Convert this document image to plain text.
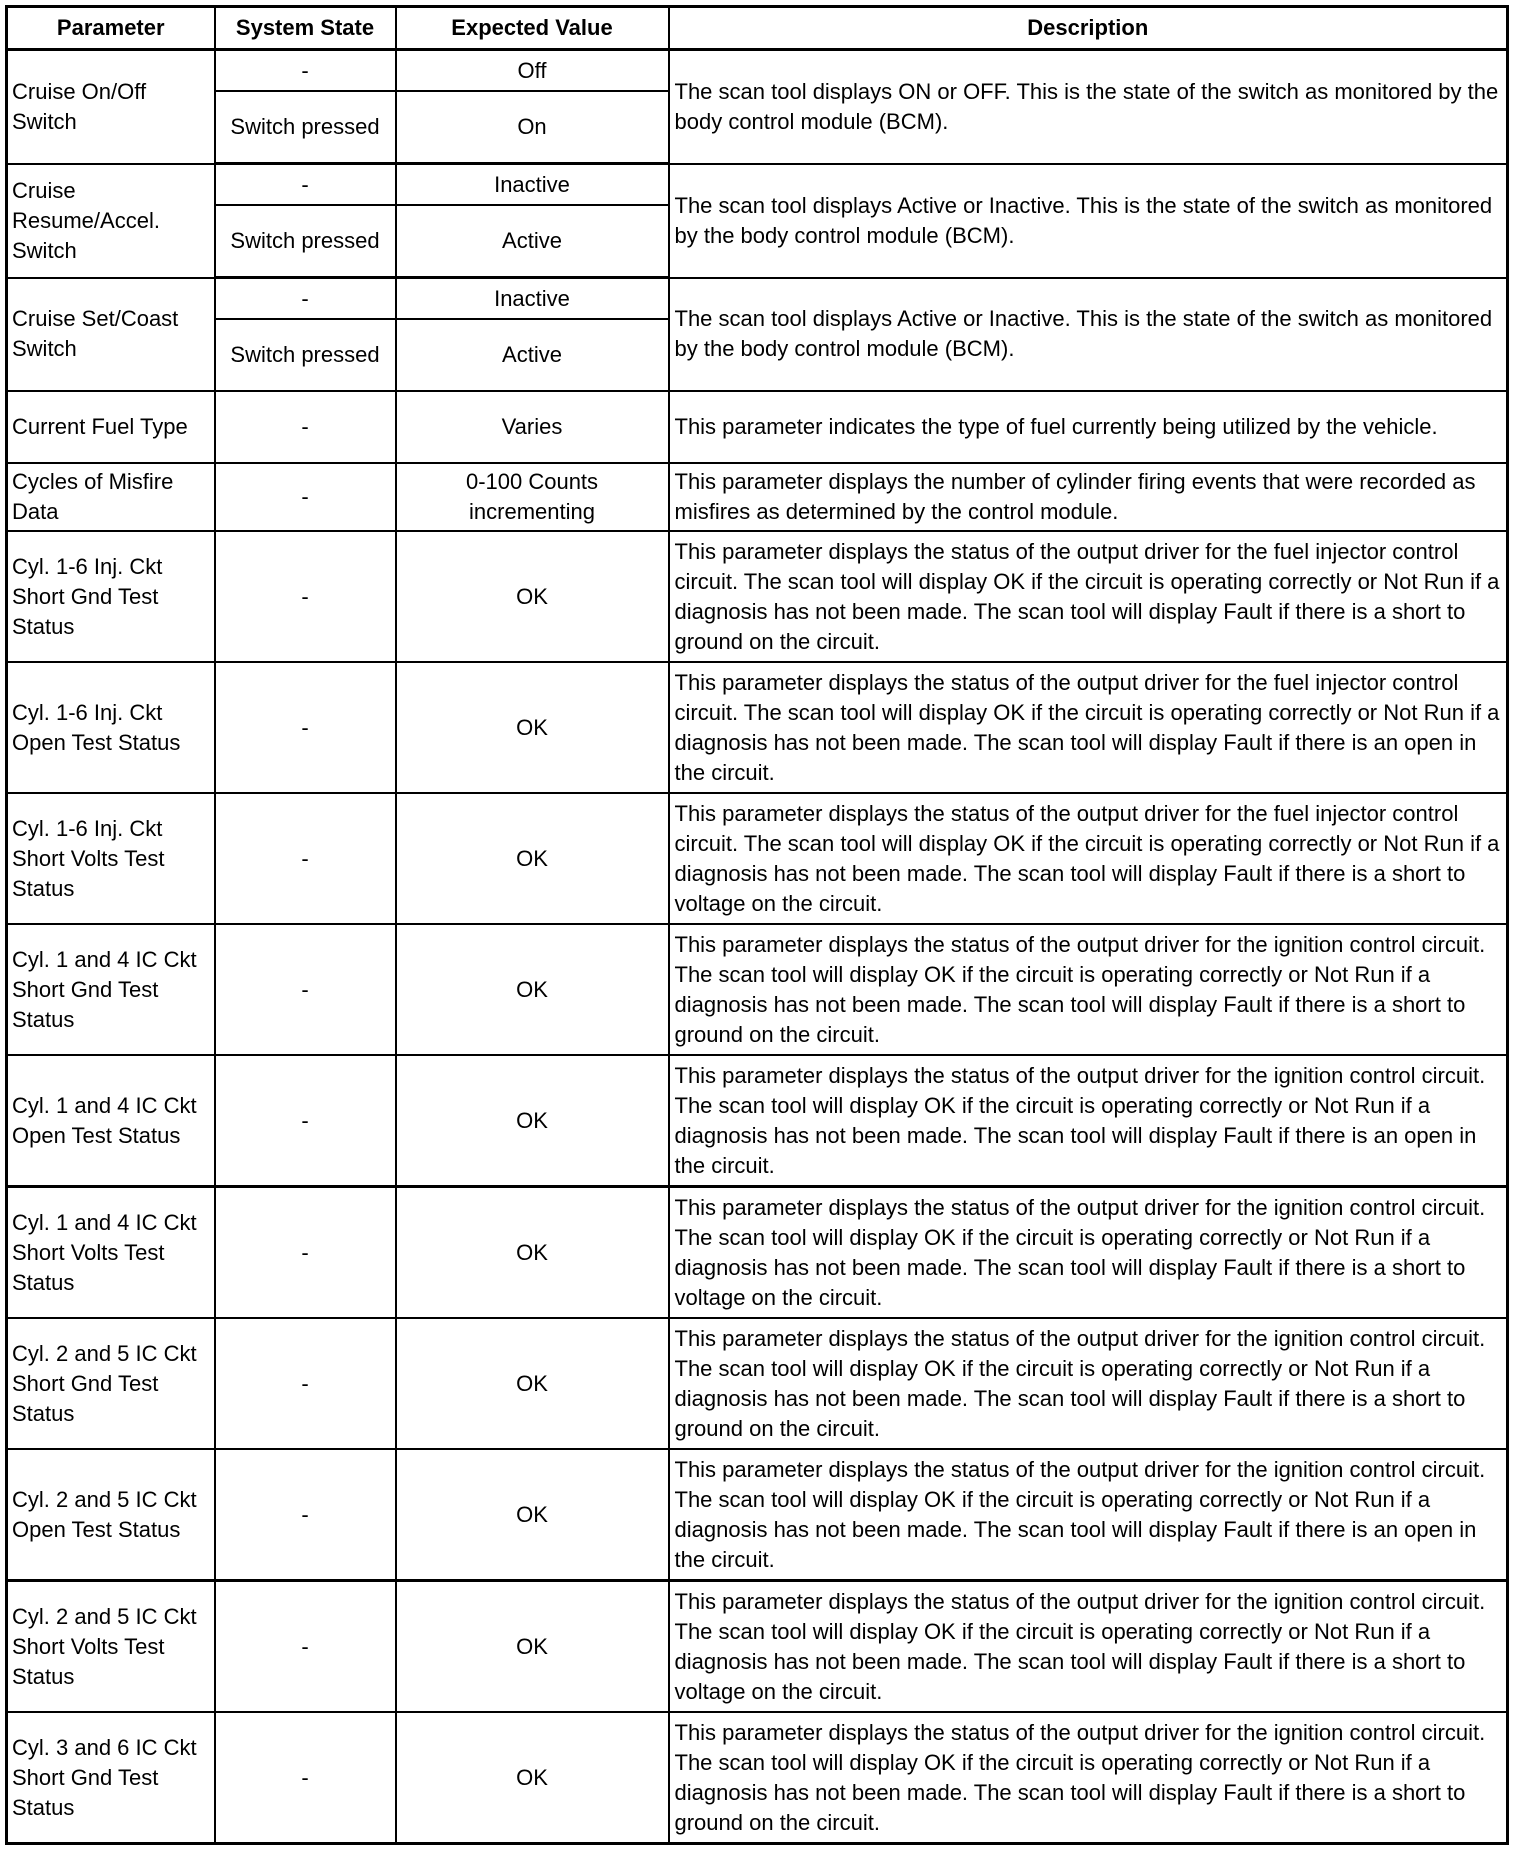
Parameter	System State	Expected Value	Description
Cruise On/Off Switch	-	Off	The scan tool displays ON or OFF. This is the state of the switch as monitored by the body control module (BCM).
	Switch pressed	On	
Cruise Resume/Accel. Switch	-	Inactive	The scan tool displays Active or Inactive. This is the state of the switch as monitored by the body control module (BCM).
	Switch pressed	Active	
Cruise Set/Coast Switch	-	Inactive	The scan tool displays Active or Inactive. This is the state of the switch as monitored by the body control module (BCM).
	Switch pressed	Active	
Current Fuel Type	-	Varies	This parameter indicates the type of fuel currently being utilized by the vehicle.
Cycles of Misfire Data	-	0-100 Counts incrementing	This parameter displays the number of cylinder firing events that were recorded as misfires as determined by the control module.
Cyl. 1-6 Inj. Ckt Short Gnd Test Status	-	OK	This parameter displays the status of the output driver for the fuel injector control circuit. The scan tool will display OK if the circuit is operating correctly or Not Run if a diagnosis has not been made. The scan tool will display Fault if there is a short to ground on the circuit.
Cyl. 1-6 Inj. Ckt Open Test Status	-	OK	This parameter displays the status of the output driver for the fuel injector control circuit. The scan tool will display OK if the circuit is operating correctly or Not Run if a diagnosis has not been made. The scan tool will display Fault if there is an open in the circuit.
Cyl. 1-6 Inj. Ckt Short Volts Test Status	-	OK	This parameter displays the status of the output driver for the fuel injector control circuit. The scan tool will display OK if the circuit is operating correctly or Not Run if a diagnosis has not been made. The scan tool will display Fault if there is a short to voltage on the circuit.
Cyl. 1 and 4 IC Ckt Short Gnd Test Status	-	OK	This parameter displays the status of the output driver for the ignition control circuit. The scan tool will display OK if the circuit is operating correctly or Not Run if a diagnosis has not been made. The scan tool will display Fault if there is a short to ground on the circuit.
Cyl. 1 and 4 IC Ckt Open Test Status	-	OK	This parameter displays the status of the output driver for the ignition control circuit. The scan tool will display OK if the circuit is operating correctly or Not Run if a diagnosis has not been made. The scan tool will display Fault if there is an open in the circuit.
Cyl. 1 and 4 IC Ckt Short Volts Test Status	-	OK	This parameter displays the status of the output driver for the ignition control circuit. The scan tool will display OK if the circuit is operating correctly or Not Run if a diagnosis has not been made. The scan tool will display Fault if there is a short to voltage on the circuit.
Cyl. 2 and 5 IC Ckt Short Gnd Test Status	-	OK	This parameter displays the status of the output driver for the ignition control circuit. The scan tool will display OK if the circuit is operating correctly or Not Run if a diagnosis has not been made. The scan tool will display Fault if there is a short to ground on the circuit.
Cyl. 2 and 5 IC Ckt Open Test Status	-	OK	This parameter displays the status of the output driver for the ignition control circuit. The scan tool will display OK if the circuit is operating correctly or Not Run if a diagnosis has not been made. The scan tool will display Fault if there is an open in the circuit.
Cyl. 2 and 5 IC Ckt Short Volts Test Status	-	OK	This parameter displays the status of the output driver for the ignition control circuit. The scan tool will display OK if the circuit is operating correctly or Not Run if a diagnosis has not been made. The scan tool will display Fault if there is a short to voltage on the circuit.
Cyl. 3 and 6 IC Ckt Short Gnd Test Status	-	OK	This parameter displays the status of the output driver for the ignition control circuit. The scan tool will display OK if the circuit is operating correctly or Not Run if a diagnosis has not been made. The scan tool will display Fault if there is a short to ground on the circuit.
